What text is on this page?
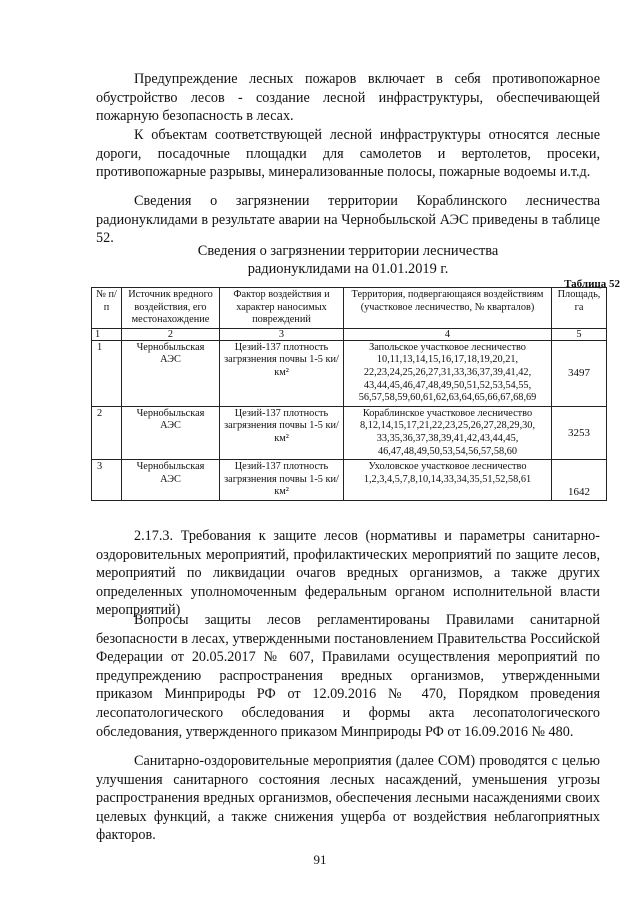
Предупреждение лесных пожаров включает в себя противопожарное обустройство лесов - создание лесной инфраструктуры, обеспечивающей пожарную безопасность в лесах.

К объектам соответствующей лесной инфраструктуры относятся лесные дороги, посадочные площадки для самолетов и вертолетов, просеки, противопожарные разрывы, минерализованные полосы, пожарные водоемы и.т.д.

Сведения о загрязнении территории Кораблинского лесничества радионуклидами в результате аварии на Чернобыльской АЭС приведены в таблице 52.

Сведения о загрязнении территории лесничества

радионуклидами на 01.01.2019 г.

Таблица 52
№ п/п	Источник вредного воздействия, его местонахождение	Фактор воздействия и характер наносимых повреждений	Территория, подвергающаяся воздействиям (участковое лесничество, № кварталов)	Площадь, га
1	2	3	4	5
1	Чернобыльская АЭС	Цезий-137 плотность загрязнения почвы 1-5 ки/км²	Запольское участковое лесничество 10,11,13,14,15,16,17,18,19,20,21, 22,23,24,25,26,27,31,33,36,37,39,41,42, 43,44,45,46,47,48,49,50,51,52,53,54,55, 56,57,58,59,60,61,62,63,64,65,66,67,68,69	3497
2	Чернобыльская АЭС	Цезий-137 плотность загрязнения почвы 1-5 ки/км²	Кораблинское участковое лесничество 8,12,14,15,17,21,22,23,25,26,27,28,29,30, 33,35,36,37,38,39,41,42,43,44,45, 46,47,48,49,50,53,54,56,57,58,60	3253
3	Чернобыльская АЭС	Цезий-137 плотность загрязнения почвы 1-5 ки/км²	Ухоловское участковое лесничество 1,2,3,4,5,7,8,10,14,33,34,35,51,52,58,61	1642

2.17.3. Требования к защите лесов (нормативы и параметры санитарно-оздоровительных мероприятий, профилактических мероприятий по защите лесов, мероприятий по ликвидации очагов вредных организмов, а также других определенных уполномоченным федеральным органом исполнительной власти мероприятий)

Вопросы защиты лесов регламентированы Правилами санитарной безопасности в лесах, утвержденными постановлением Правительства Российской Федерации от 20.05.2017 № 607, Правилами осуществления мероприятий по предупреждению распространения вредных организмов, утвержденными приказом Минприроды РФ от 12.09.2016 № 470, Порядком проведения лесопатологического обследования и формы акта лесопатологического обследования, утвержденного приказом Минприроды РФ от 16.09.2016 № 480.

Санитарно-оздоровительные мероприятия (далее СОМ) проводятся с целью улучшения санитарного состояния лесных насаждений, уменьшения угрозы распространения вредных организмов, обеспечения лесными насаждениями своих целевых функций, а также снижения ущерба от воздействия неблагоприятных факторов.

91
